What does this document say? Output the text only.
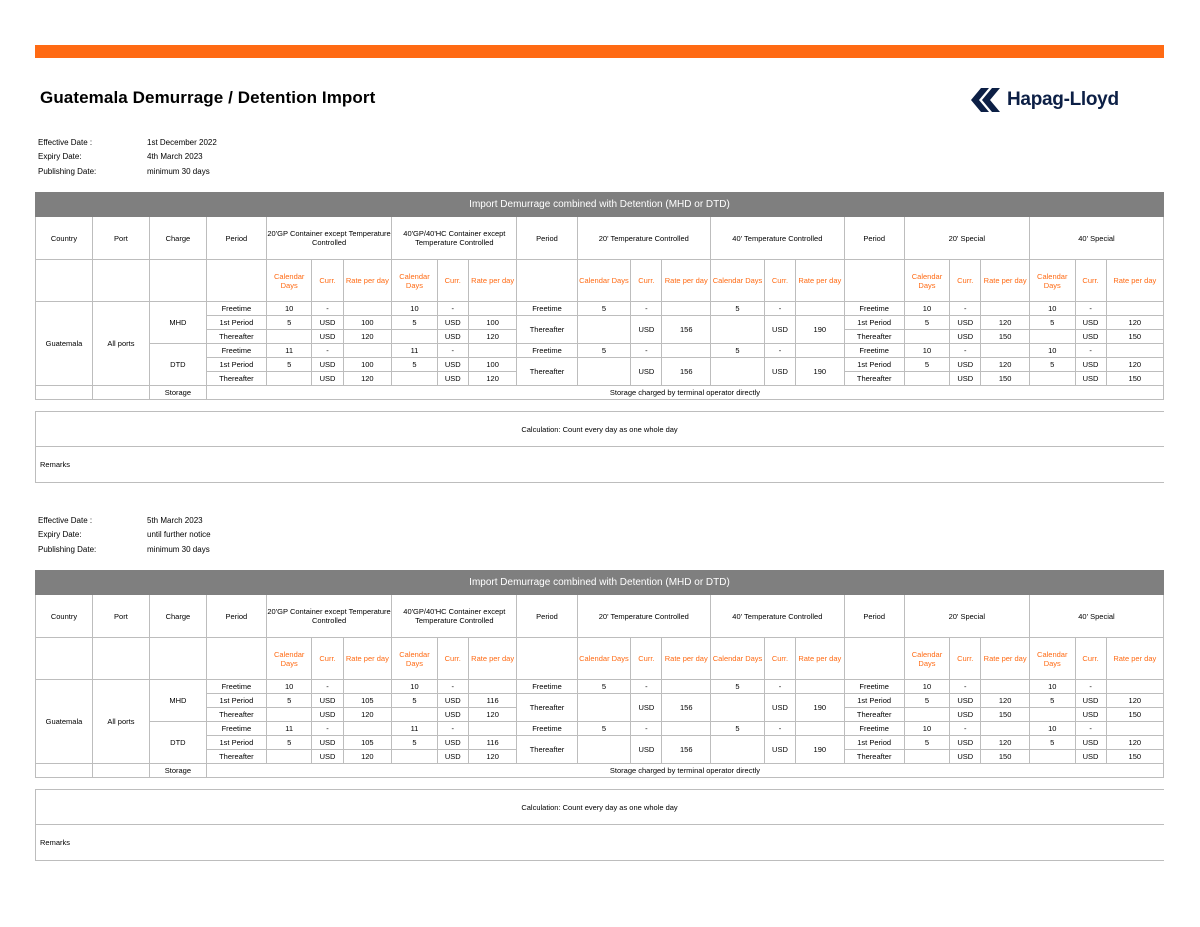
Guatemala Demurrage / Detention Import	Hapag-Lloyd
Effective Date :	1st December 2022
Expiry Date:	4th March 2023
Publishing Date:	minimum 30 days
Import Demurrage combined with Detention (MHD or DTD)																							
Country	Port	Charge	Period	20'GP Container except Temperature Controlled			40'GP/40'HC Container except Temperature Controlled			Period	20' Temperature Controlled			40' Temperature Controlled			Period	20' Special			40' Special		
				Calendar Days	Curr.	Rate per day	Calendar Days	Curr.	Rate per day		Calendar Days	Curr.	Rate per day	Calendar Days	Curr.	Rate per day		Calendar Days	Curr.	Rate per day	Calendar Days	Curr.	Rate per day
Guatemala	All ports	MHD	Freetime	10	-		10	-		Freetime	5	-		5	-		Freetime	10	-		10	-	
			1st Period	5	USD	100	5	USD	100	Thereafter		USD	156		USD	190	1st Period	5	USD	120	5	USD	120
			Thereafter		USD	120		USD	120								Thereafter		USD	150		USD	150
		DTD	Freetime	11	-		11	-		Freetime	5	-		5	-		Freetime	10	-		10	-	
			1st Period	5	USD	100	5	USD	100	Thereafter		USD	156		USD	190	1st Period	5	USD	120	5	USD	120
			Thereafter		USD	120		USD	120								Thereafter		USD	150		USD	150
		Storage	Storage charged by terminal operator directly																				
Calculation: Count every day as one whole day
Remarks
Effective Date :	5th March 2023
Expiry Date:	until further notice
Publishing Date:	minimum 30 days
Import Demurrage combined with Detention (MHD or DTD)																							
Country	Port	Charge	Period	20'GP Container except Temperature Controlled			40'GP/40'HC Container except Temperature Controlled			Period	20' Temperature Controlled			40' Temperature Controlled			Period	20' Special			40' Special		
				Calendar Days	Curr.	Rate per day	Calendar Days	Curr.	Rate per day		Calendar Days	Curr.	Rate per day	Calendar Days	Curr.	Rate per day		Calendar Days	Curr.	Rate per day	Calendar Days	Curr.	Rate per day
Guatemala	All ports	MHD	Freetime	10	-		10	-		Freetime	5	-		5	-		Freetime	10	-		10	-	
			1st Period	5	USD	105	5	USD	116	Thereafter		USD	156		USD	190	1st Period	5	USD	120	5	USD	120
			Thereafter		USD	120		USD	120								Thereafter		USD	150		USD	150
		DTD	Freetime	11	-		11	-		Freetime	5	-		5	-		Freetime	10	-		10	-	
			1st Period	5	USD	105	5	USD	116	Thereafter		USD	156		USD	190	1st Period	5	USD	120	5	USD	120
			Thereafter		USD	120		USD	120								Thereafter		USD	150		USD	150
		Storage	Storage charged by terminal operator directly																				
Calculation: Count every day as one whole day
Remarks
